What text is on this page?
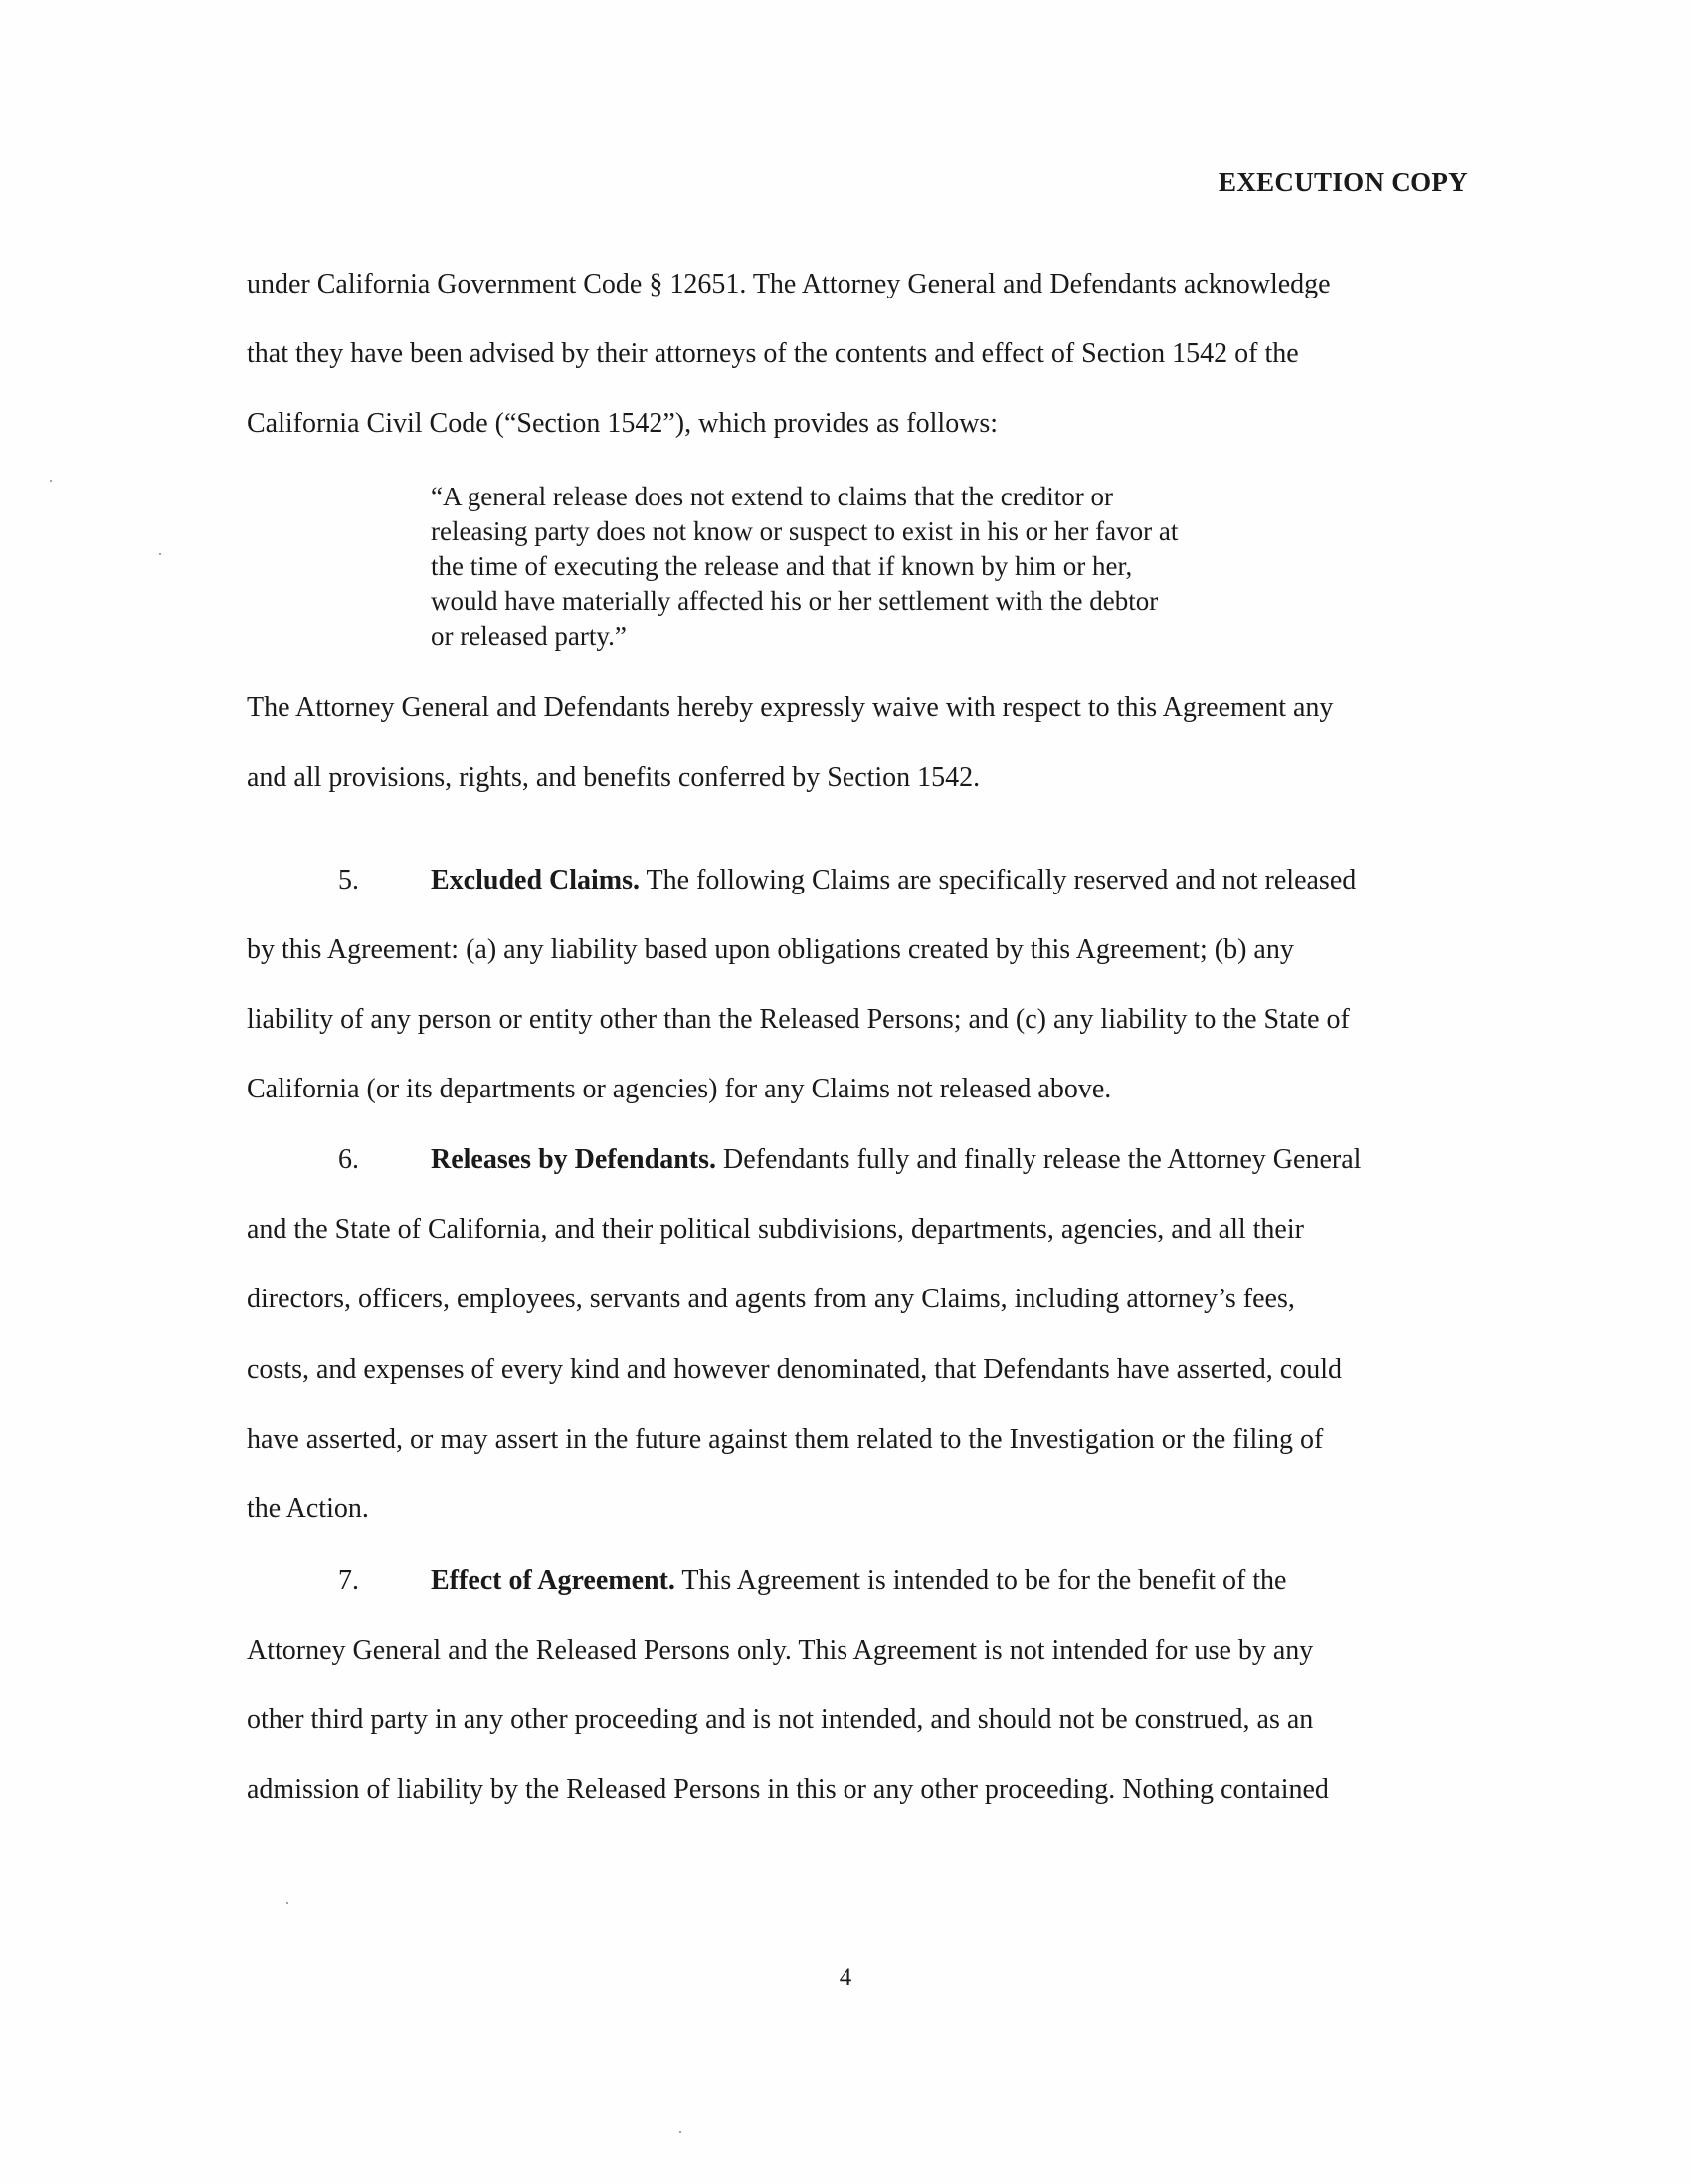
EXECUTION COPY
under California Government Code § 12651. The Attorney General and Defendants acknowledge
that they have been advised by their attorneys of the contents and effect of Section 1542 of the
California Civil Code (“Section 1542”), which provides as follows:
“A general release does not extend to claims that the creditor or
releasing party does not know or suspect to exist in his or her favor at
the time of executing the release and that if known by him or her,
would have materially affected his or her settlement with the debtor
or released party.”
The Attorney General and Defendants hereby expressly waive with respect to this Agreement any
and all provisions, rights, and benefits conferred by Section 1542.
5.	Excluded Claims. The following Claims are specifically reserved and not released
by this Agreement: (a) any liability based upon obligations created by this Agreement; (b) any
liability of any person or entity other than the Released Persons; and (c) any liability to the State of
California (or its departments or agencies) for any Claims not released above.
6.	Releases by Defendants. Defendants fully and finally release the Attorney General
and the State of California, and their political subdivisions, departments, agencies, and all their
directors, officers, employees, servants and agents from any Claims, including attorney’s fees,
costs, and expenses of every kind and however denominated, that Defendants have asserted, could
have asserted, or may assert in the future against them related to the Investigation or the filing of
the Action.
7.	Effect of Agreement. This Agreement is intended to be for the benefit of the
Attorney General and the Released Persons only. This Agreement is not intended for use by any
other third party in any other proceeding and is not intended, and should not be construed, as an
admission of liability by the Released Persons in this or any other proceeding. Nothing contained
4
